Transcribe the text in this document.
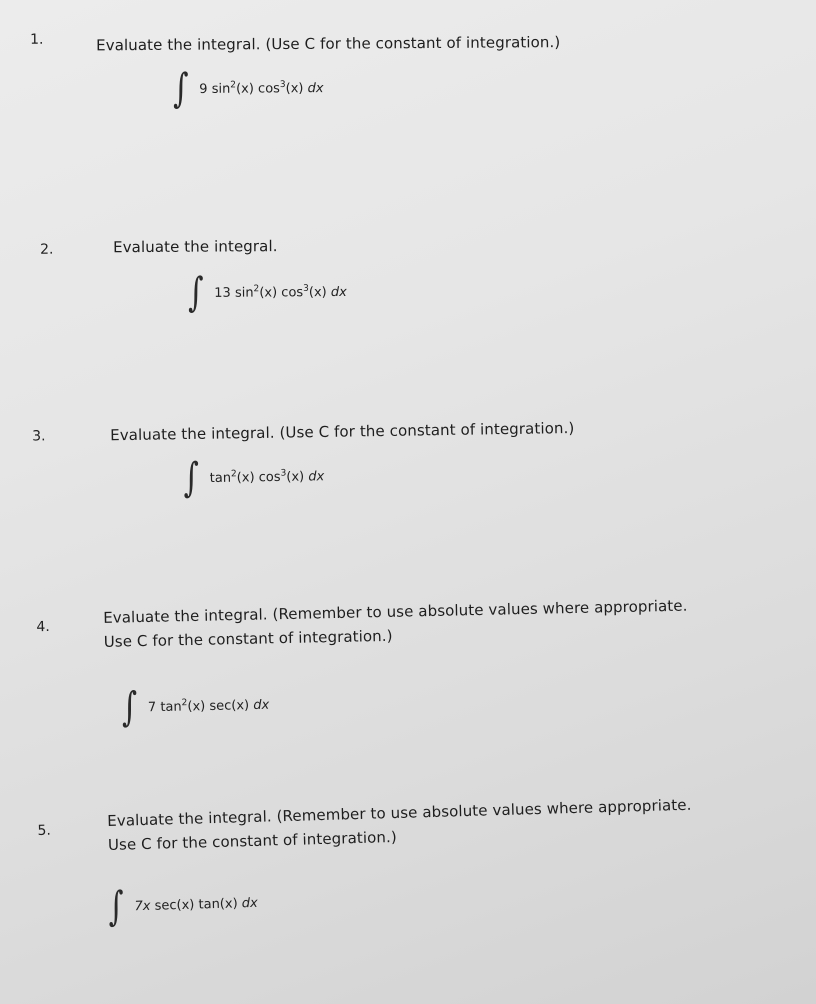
1.	Evaluate the integral. (Use C for the constant of integration.)
∫ 9 $\sin^2(x)$ $\cos^3(x)$ dx
2.	Evaluate the integral.
∫ 13 $\sin^2(x)$ $\cos^3(x)$ dx
3.	Evaluate the integral. (Use C for the constant of integration.)
∫ $\tan^2(x)$ $\cos^3(x)$ dx
4.
Evaluate the integral. (Remember to use absolute values where appropriate.
Use C for the constant of integration.)
∫ 7 $\tan^2(x)$ sec(x) dx
5.
Evaluate the integral. (Remember to use absolute values where appropriate.
Use C for the constant of integration.)
∫ 7x sec(x) tan(x) dx
